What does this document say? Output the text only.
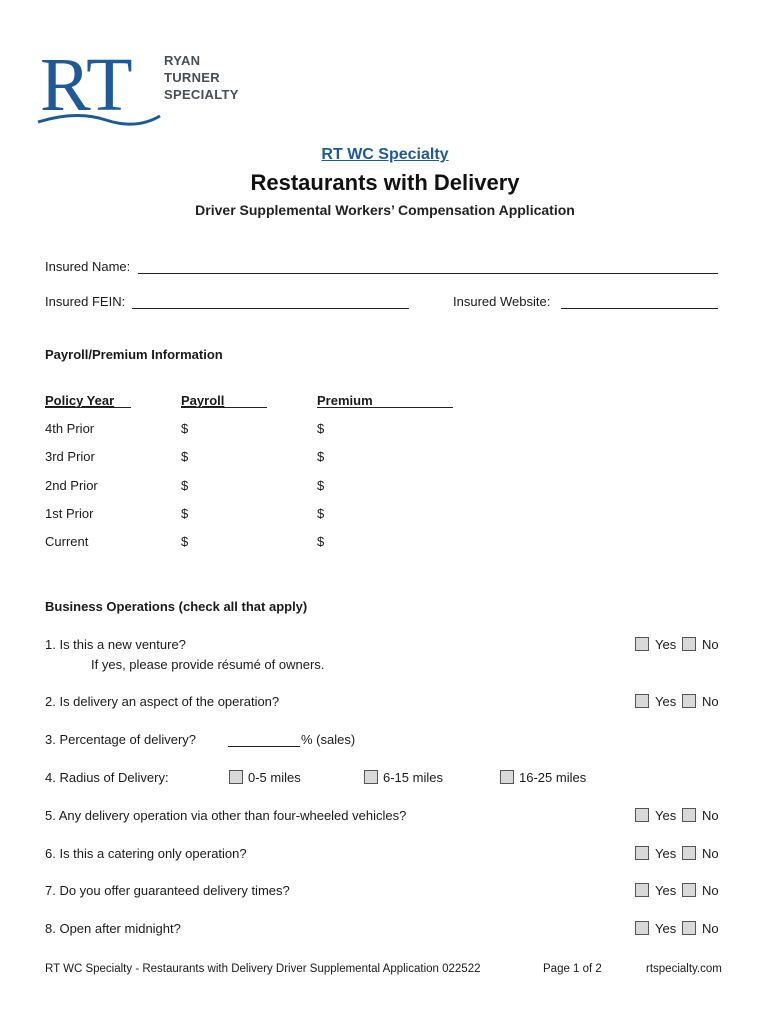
RT RYAN
TURNER
SPECIALTY
RT WC Specialty
Restaurants with Delivery
Driver Supplemental Workers’ Compensation Application
Insured Name:
Insured FEIN:	Insured Website:
Payroll/Premium Information
Policy Year	Payroll	Premium
4th Prior	$	$
3rd Prior	$	$
2nd Prior	$	$
1st Prior	$	$
Current	$	$
Business Operations (check all that apply)
1. Is this a new venture?
If yes, please provide résumé of owners.
Yes No
2. Is delivery an aspect of the operation?	Yes No
3. Percentage of delivery?	% (sales)
4. Radius of Delivery:	0-5 miles	6-15 miles	16-25 miles
5. Any delivery operation via other than four-wheeled vehicles?	Yes No
6. Is this a catering only operation?	Yes No
7. Do you offer guaranteed delivery times?	Yes No
8. Open after midnight?	Yes No
RT WC Specialty - Restaurants with Delivery Driver Supplemental Application 022522	Page 1 of 2	rtspecialty.com
